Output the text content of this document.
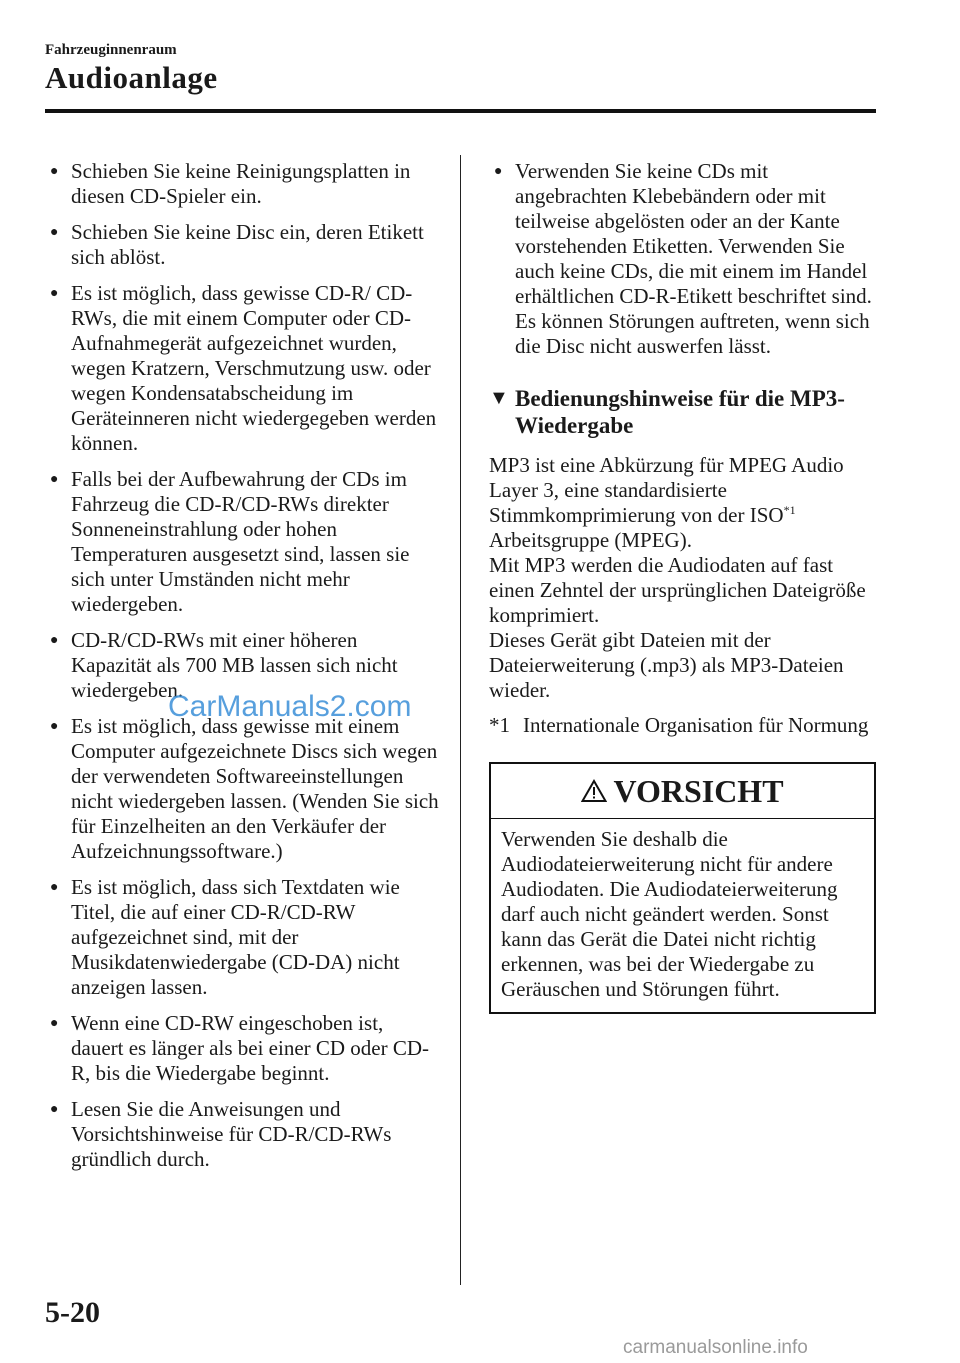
Fahrzeuginnenraum
Audioanlage
● Schieben Sie keine Reinigungsplatten in diesen CD-Spieler ein.
● Schieben Sie keine Disc ein, deren Etikett sich ablöst.
● Es ist möglich, dass gewisse CD-R/ CD-RWs, die mit einem Computer oder CD-Aufnahmegerät aufgezeichnet wurden, wegen Kratzern, Verschmutzung usw. oder wegen Kondensatabscheidung im Geräteinneren nicht wiedergegeben werden können.
● Falls bei der Aufbewahrung der CDs im Fahrzeug die CD-R/CD-RWs direkter Sonneneinstrahlung oder hohen Temperaturen ausgesetzt sind, lassen sie sich unter Umständen nicht mehr wiedergeben.
● CD-R/CD-RWs mit einer höheren Kapazität als 700 MB lassen sich nicht wiedergeben.
● Es ist möglich, dass gewisse mit einem Computer aufgezeichnete Discs sich wegen der verwendeten Softwareeinstellungen nicht wiedergeben lassen. (Wenden Sie sich für Einzelheiten an den Verkäufer der Aufzeichnungssoftware.)
● Es ist möglich, dass sich Textdaten wie Titel, die auf einer CD-R/CD-RW aufgezeichnet sind, mit der Musikdatenwiedergabe (CD-DA) nicht anzeigen lassen.
● Wenn eine CD-RW eingeschoben ist, dauert es länger als bei einer CD oder CD-R, bis die Wiedergabe beginnt.
● Lesen Sie die Anweisungen und Vorsichtshinweise für CD-R/CD-RWs gründlich durch.
● Verwenden Sie keine CDs mit angebrachten Klebebändern oder mit teilweise abgelösten oder an der Kante vorstehenden Etiketten. Verwenden Sie auch keine CDs, die mit einem im Handel erhältlichen CD-R-Etikett beschriftet sind. Es können Störungen auftreten, wenn sich die Disc nicht auswerfen lässt.
▼ Bedienungshinweise für die MP3-Wiedergabe

MP3 ist eine Abkürzung für MPEG Audio Layer 3, eine standardisierte Stimmkomprimierung von der ISO$^{*1}$ Arbeitsgruppe (MPEG).

Mit MP3 werden die Audiodaten auf fast einen Zehntel der ursprünglichen Dateigröße komprimiert.

Dieses Gerät gibt Dateien mit der Dateierweiterung (.mp3) als MP3-Dateien wieder.

*1 Internationale Organisation für Normung
VORSICHT
Verwenden Sie deshalb die Audiodateierweiterung nicht für andere Audiodaten. Die Audiodateierweiterung darf auch nicht geändert werden. Sonst kann das Gerät die Datei nicht richtig erkennen, was bei der Wiedergabe zu Geräuschen und Störungen führt.
CarManuals2.com
5-20
carmanualsonline.info
